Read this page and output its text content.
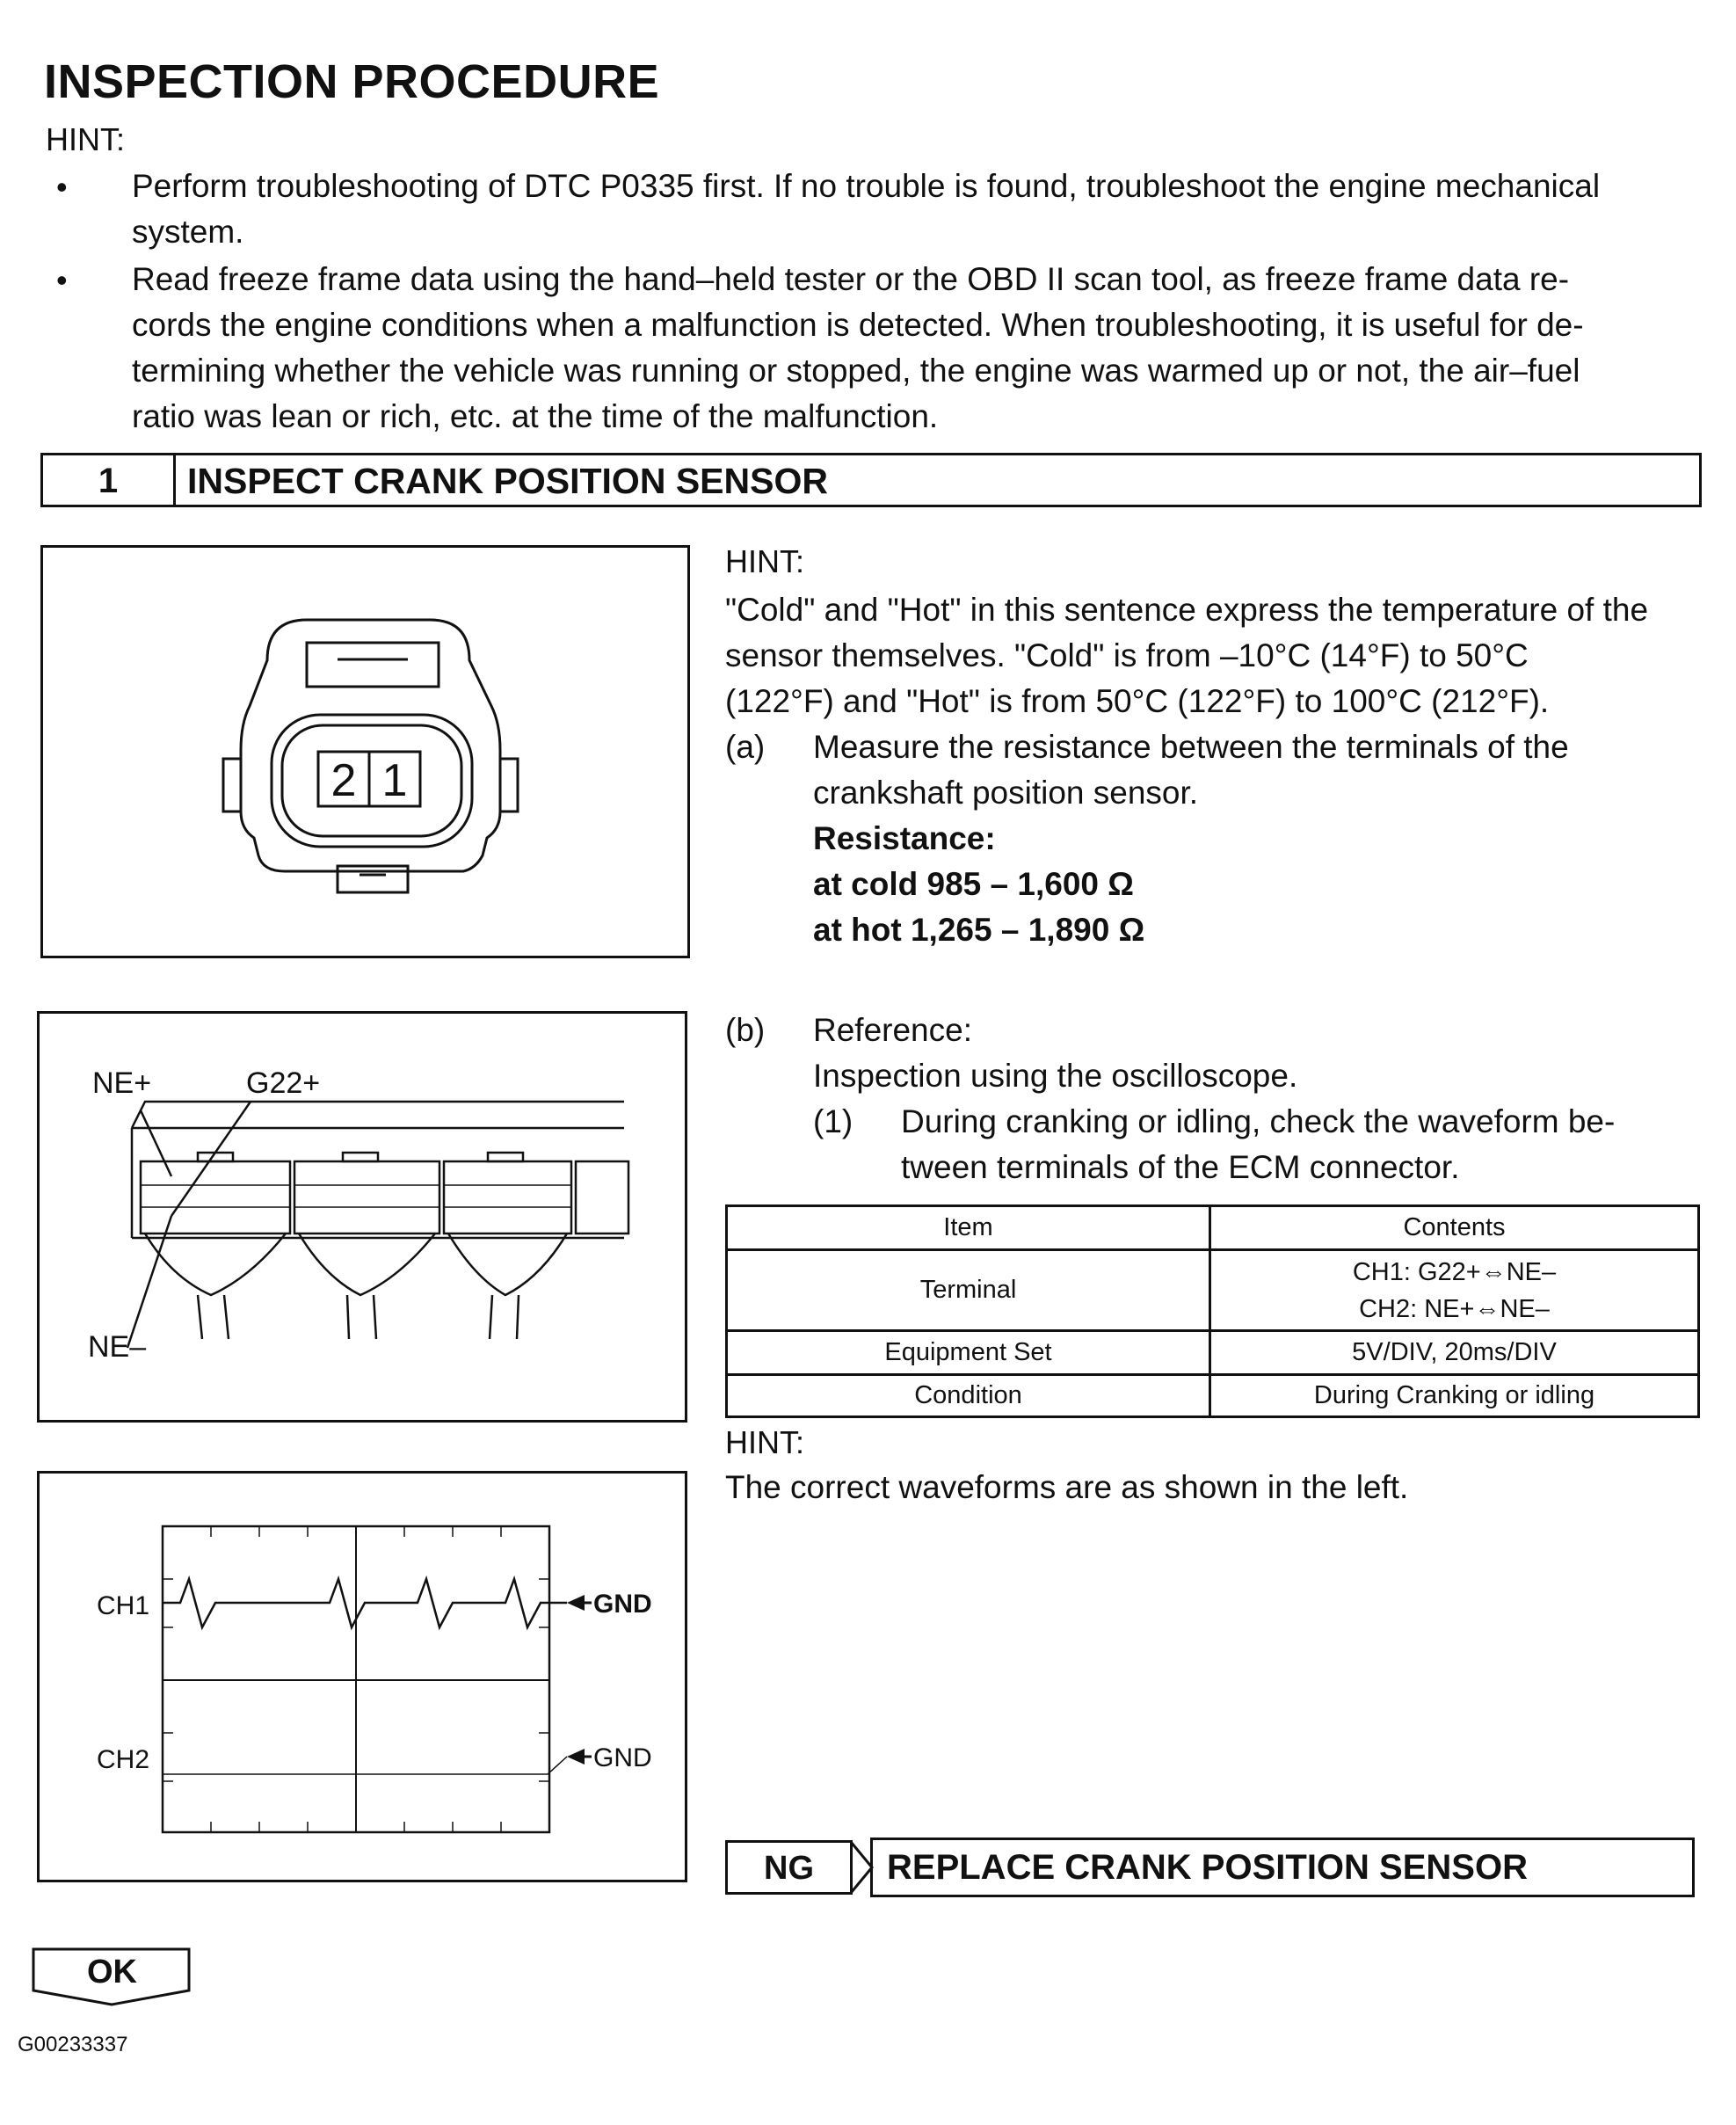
INSPECTION PROCEDURE
HINT:
• Perform troubleshooting of DTC P0335 first. If no trouble is found, troubleshoot the engine mechanical
system.
• Read freeze frame data using the hand–held tester or the OBD II scan tool, as freeze frame data re-
cords the engine conditions when a malfunction is detected. When troubleshooting, it is useful for de-
termining whether the vehicle was running or stopped, the engine was warmed up or not, the air–fuel
ratio was lean or rich, etc. at the time of the malfunction.
1	INSPECT CRANK POSITION SENSOR
2 1
NE+	G22+
NE–
CH1
CH2
GND
GND
HINT:
"Cold" and "Hot" in this sentence express the temperature of the
sensor themselves. "Cold" is from –10°C (14°F) to 50°C
(122°F) and "Hot" is from 50°C (122°F) to 100°C (212°F).
(a) Measure the resistance between the terminals of the
crankshaft position sensor.
Resistance:
at cold 985 – 1,600 Ω
at hot 1,265 – 1,890 Ω
(b) Reference:
Inspection using the oscilloscope.
(1) During cranking or idling, check the waveform be-
tween terminals of the ECM connector.
Item	Contents
Terminal	CH1: G22+⇔NE–
CH2: NE+⇔NE–

Equipment Set	5V/DIV, 20ms/DIV
Condition	During Cranking or idling
HINT:
The correct waveforms are as shown in the left.
NG	REPLACE CRANK POSITION SENSOR
OK
G00233337
